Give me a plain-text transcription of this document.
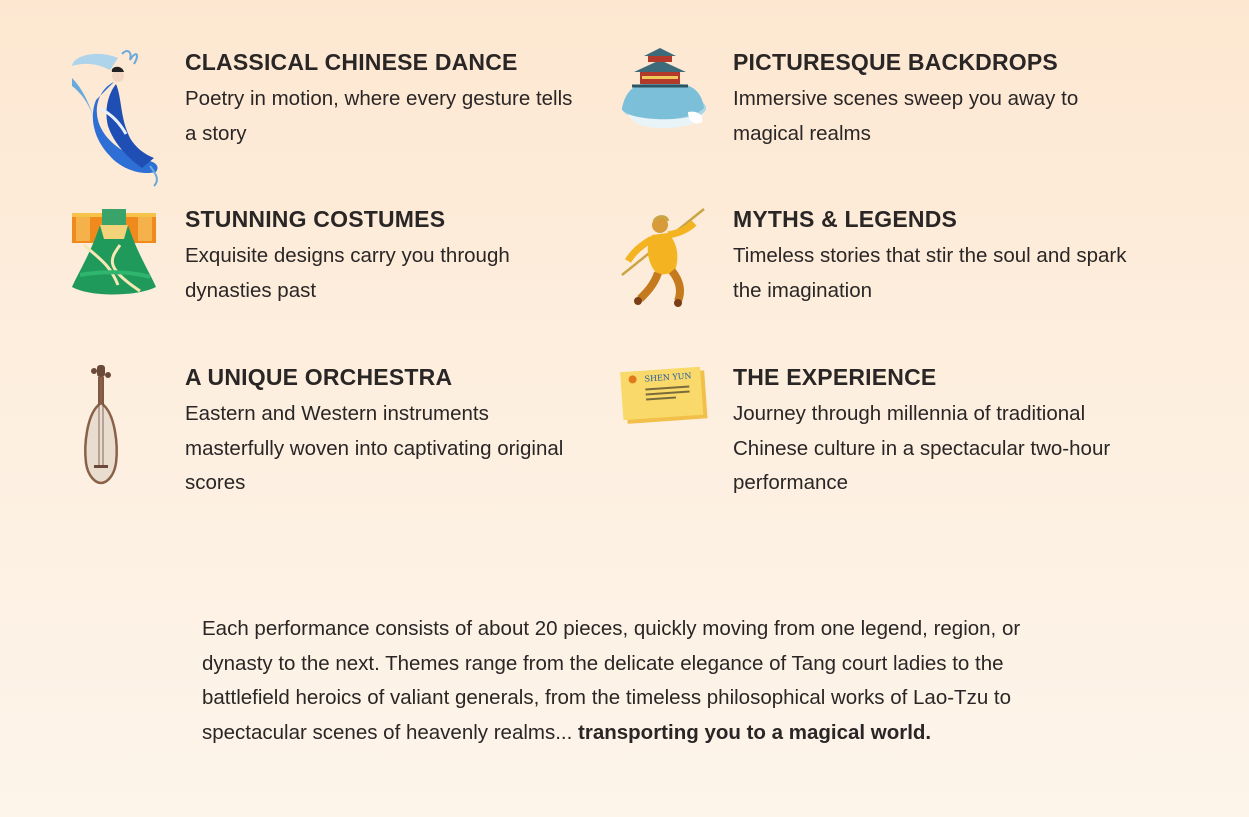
CLASSICAL CHINESE DANCE

Poetry in motion, where every gesture tells a story

PICTURESQUE BACKDROPS

Immersive scenes sweep you away to magical realms

STUNNING COSTUMES

Exquisite designs carry you through dynasties past

MYTHS & LEGENDS

Timeless stories that stir the soul and spark the imagination

A UNIQUE ORCHESTRA

Eastern and Western instruments masterfully woven into captivating original scores

SHEN YUN THE EXPERIENCE

Journey through millennia of traditional Chinese culture in a spectacular two-hour performance

Each performance consists of about 20 pieces, quickly moving from one legend, region, or dynasty to the next. Themes range from the delicate elegance of Tang court ladies to the battlefield heroics of valiant generals, from the timeless philosophical works of Lao-Tzu to spectacular scenes of heavenly realms... transporting you to a magical world.
